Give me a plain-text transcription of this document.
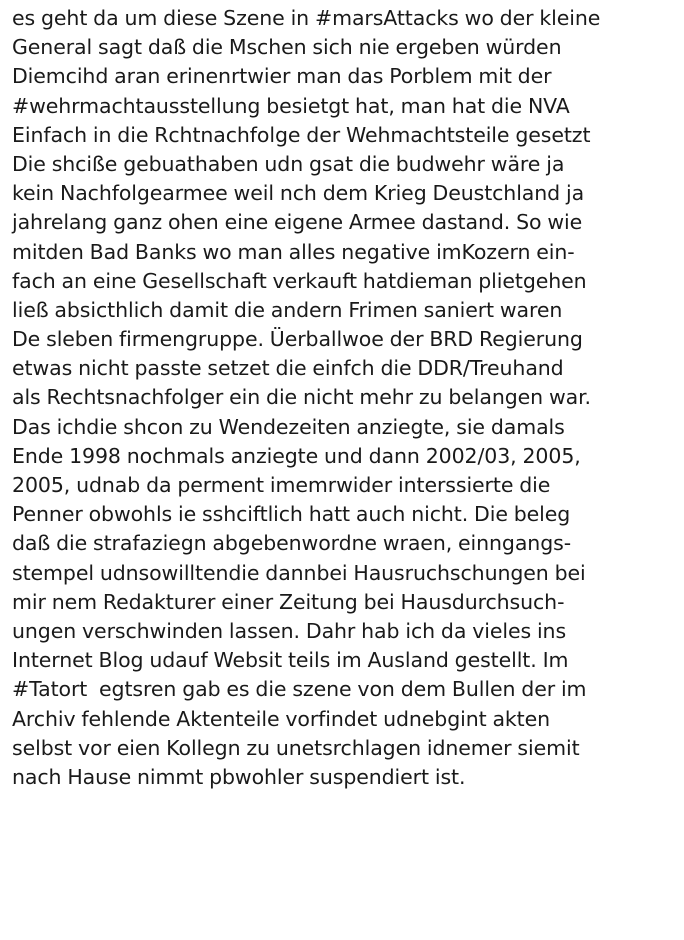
es geht da um diese Szene in #marsAttacks wo der kleine
General sagt daß die Mschen sich nie ergeben würden
Diemcihd aran erinenrtwier man das Porblem mit der
#wehrmachtausstellung besietgt hat, man hat die NVA
Einfach in die Rchtnachfolge der Wehmachtsteile gesetzt
Die shciße gebuathaben udn gsat die budwehr wäre ja
kein Nachfolgearmee weil nch dem Krieg Deustchland ja
jahrelang ganz ohen eine eigene Armee dastand. So wie
mitden Bad Banks wo man alles negative imKozern ein-
fach an eine Gesellschaft verkauft hatdieman plietgehen
ließ absicthlich damit die andern Frimen saniert waren
De sleben firmengruppe. Üerballwoe der BRD Regierung
etwas nicht passte setzet die einfch die DDR/Treuhand
als Rechtsnachfolger ein die nicht mehr zu belangen war.
Das ichdie shcon zu Wendezeiten anziegte, sie damals
Ende 1998 nochmals anziegte und dann 2002/03, 2005,
2005, udnab da perment imemrwider interssierte die
Penner obwohls ie sshciftlich hatt auch nicht. Die beleg
daß die strafaziegn abgebenwordne wraen, einngangs-
stempel udnsowilltendie dannbei Hausruchschungen bei
mir nem Redakturer einer Zeitung bei Hausdurchsuch-
ungen verschwinden lassen. Dahr hab ich da vieles ins
Internet Blog udauf Websit teils im Ausland gestellt. Im
#Tatort  egtsren gab es die szene von dem Bullen der im
Archiv fehlende Aktenteile vorfindet udnebgint akten
selbst vor eien Kollegn zu unetsrchlagen idnemer siemit
nach Hause nimmt pbwohler suspendiert ist.
